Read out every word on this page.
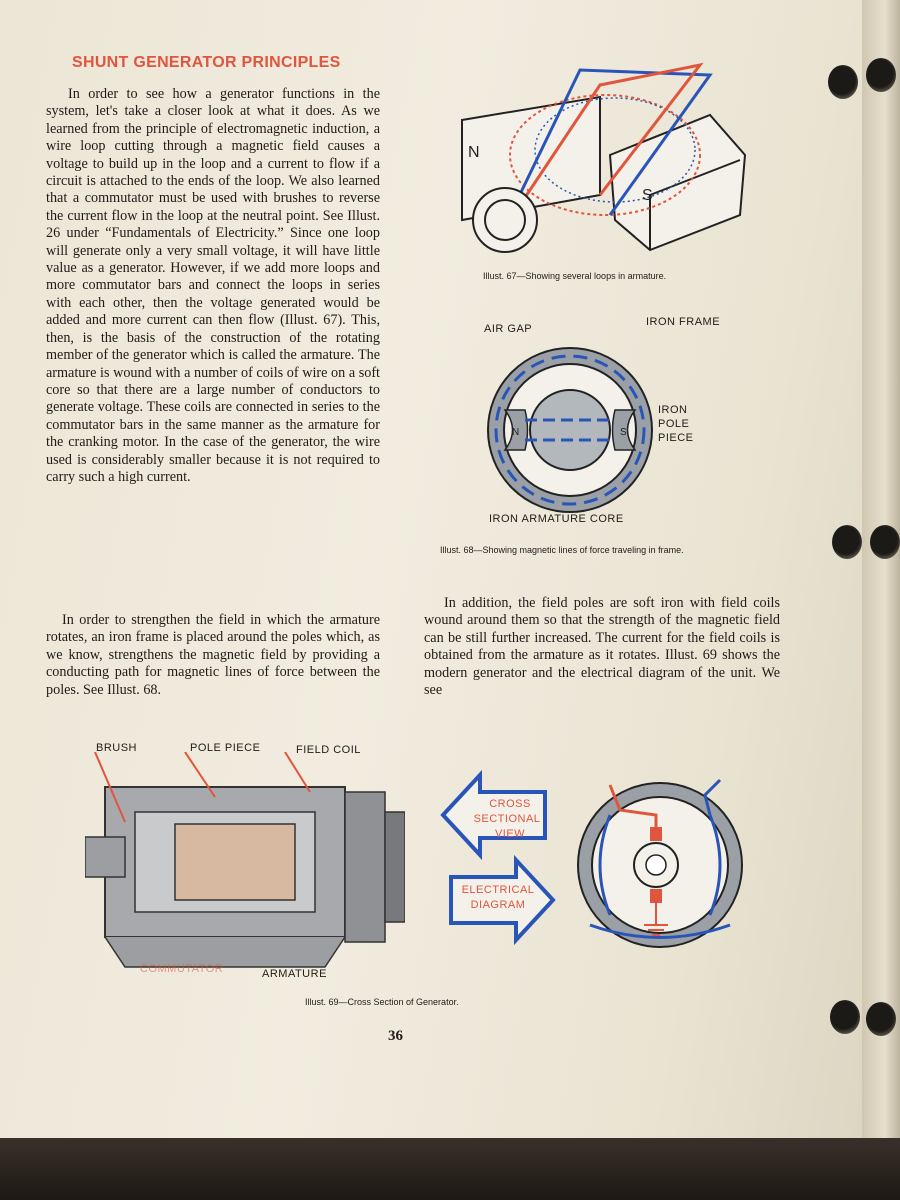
SHUNT GENERATOR PRINCIPLES

In order to see how a generator functions in the system, let's take a closer look at what it does. As we learned from the principle of electromagnetic induction, a wire loop cutting through a magnetic field causes a voltage to build up in the loop and a current to flow if a circuit is attached to the ends of the loop. We also learned that a commutator must be used with brushes to reverse the current flow in the loop at the neutral point. See Illust. 26 under “Fundamentals of Electricity.” Since one loop will generate only a very small voltage, it will have little value as a generator. However, if we add more loops and more commutator bars and connect the loops in series with each other, then the voltage generated would be added and more current can then flow (Illust. 67). This, then, is the basis of the construction of the rotating member of the generator which is called the armature. The armature is wound with a number of coils of wire on a soft core so that there are a large number of conductors to generate voltage. These coils are connected in series to the commutator bars in the same manner as the armature for the cranking motor. In the case of the generator, the wire used is considerably smaller because it is not required to carry such a high current.

In order to strengthen the field in which the armature rotates, an iron frame is placed around the poles which, as we know, strengthens the magnetic field by providing a conducting path for magnetic lines of force between the poles. See Illust. 68.

In addition, the field poles are soft iron with field coils wound around them so that the strength of the magnetic field can be still further increased. The current for the field coils is obtained from the armature as it rotates. Illust. 69 shows the modern generator and the electrical diagram of the unit. We see

N
S

Illust. 67—Showing several loops in armature.

N	S
AIR GAP
IRON FRAME
IRON
POLE
PIECE
IRON ARMATURE CORE

Illust. 68—Showing magnetic lines of force traveling in frame.

BRUSH	POLE PIECE	FIELD COIL
COMMUTATOR	ARMATURE
CROSS
SECTIONAL
VIEW
ELECTRICAL
DIAGRAM

Illust. 69—Cross Section of Generator.

36
